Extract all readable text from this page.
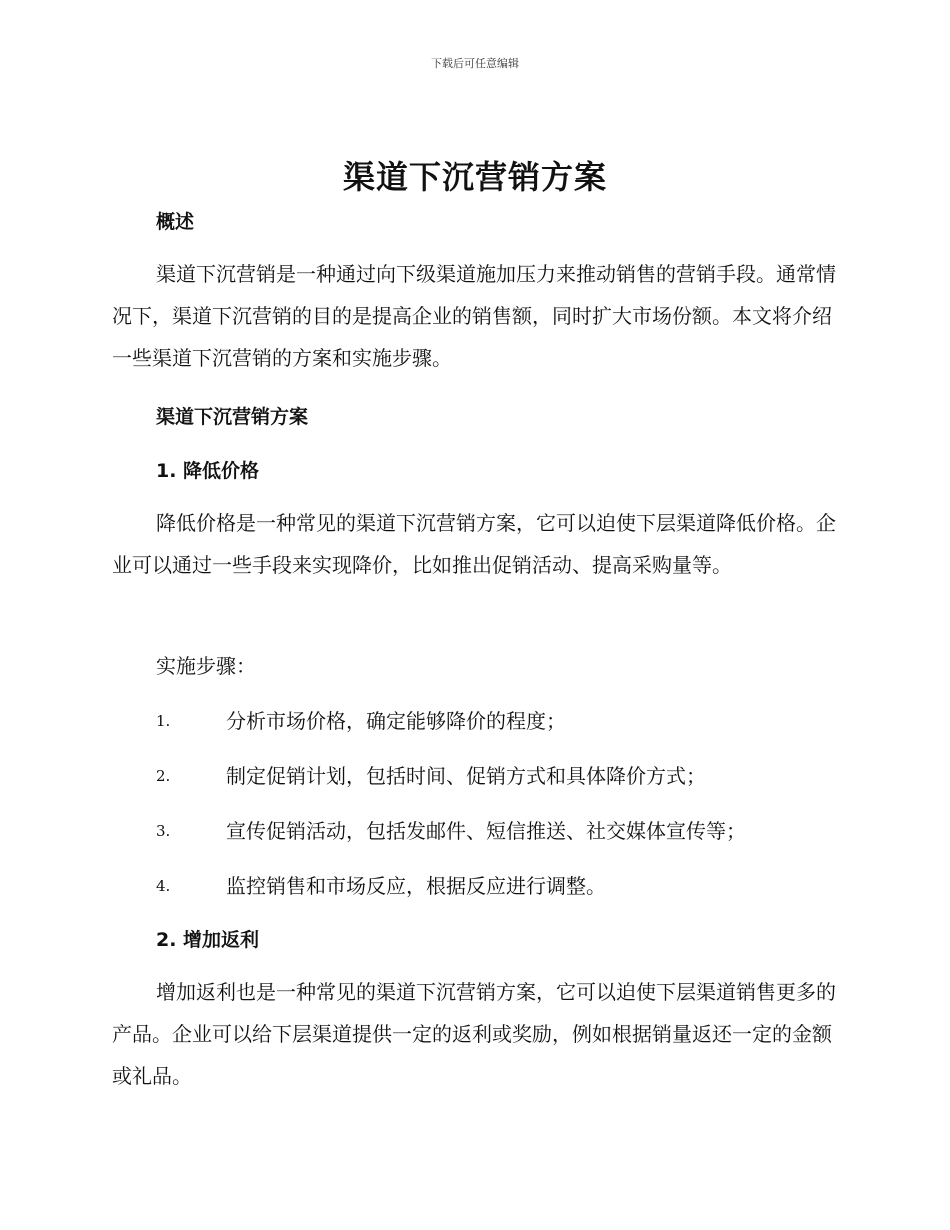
下载后可任意编辑
渠道下沉营销方案
概述
渠道下沉营销是一种通过向下级渠道施加压力来推动销售的营销手段。通常情况下，渠道下沉营销的目的是提高企业的销售额，同时扩大市场份额。本文将介绍一些渠道下沉营销的方案和实施步骤。
渠道下沉营销方案
1. 降低价格
降低价格是一种常见的渠道下沉营销方案，它可以迫使下层渠道降低价格。企业可以通过一些手段来实现降价，比如推出促销活动、提高采购量等。
实施步骤：
1.	分析市场价格，确定能够降价的程度；
2.	制定促销计划，包括时间、促销方式和具体降价方式；
3.	宣传促销活动，包括发邮件、短信推送、社交媒体宣传等；
4.	监控销售和市场反应，根据反应进行调整。
2. 增加返利
增加返利也是一种常见的渠道下沉营销方案，它可以迫使下层渠道销售更多的产品。企业可以给下层渠道提供一定的返利或奖励，例如根据销量返还一定的金额或礼品。
